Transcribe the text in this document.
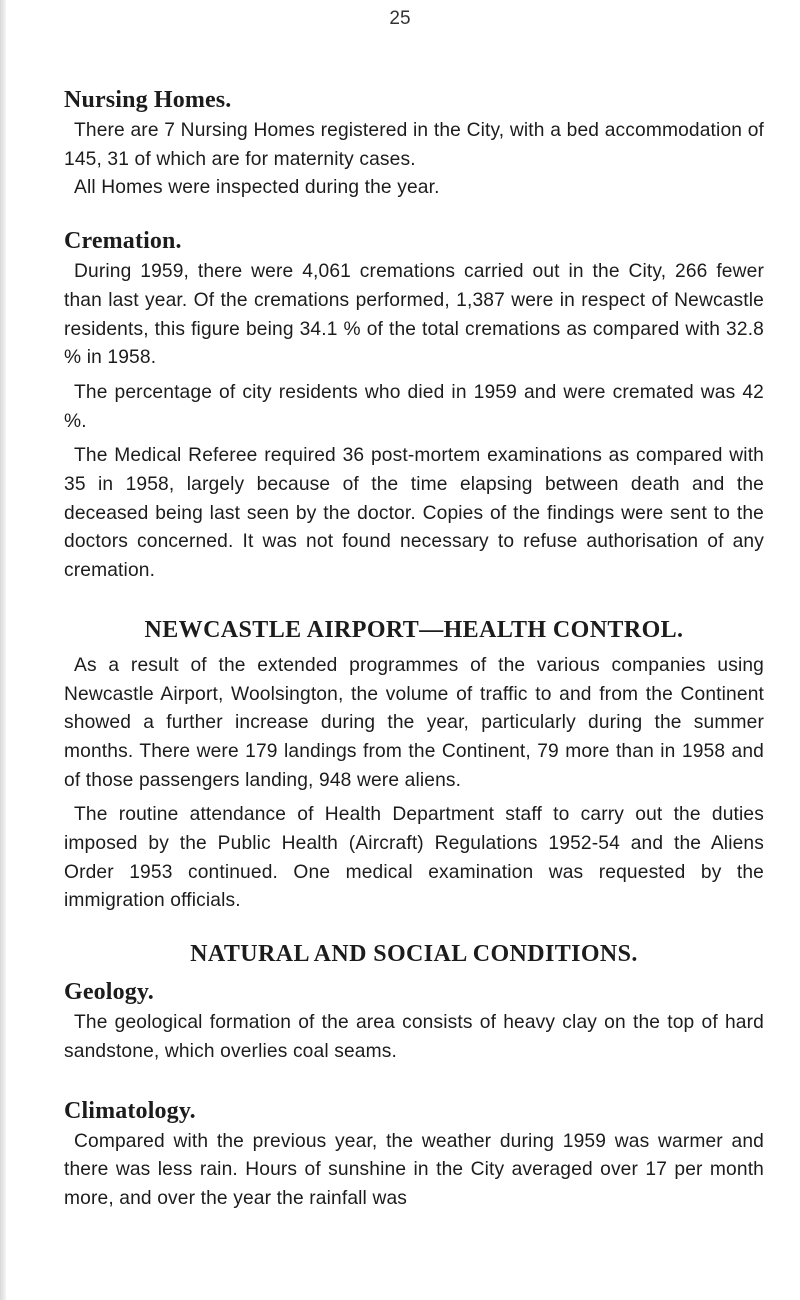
25
Nursing Homes.

There are 7 Nursing Homes registered in the City, with a bed accommodation of 145, 31 of which are for maternity cases.

All Homes were inspected during the year.

Cremation.

During 1959, there were 4,061 cremations carried out in the City, 266 fewer than last year. Of the cremations performed, 1,387 were in respect of Newcastle residents, this figure being 34.1 % of the total cremations as compared with 32.8 % in 1958.

The percentage of city residents who died in 1959 and were cremated was 42 %.

The Medical Referee required 36 post-mortem examinations as compared with 35 in 1958, largely because of the time elapsing between death and the deceased being last seen by the doctor. Copies of the findings were sent to the doctors concerned. It was not found necessary to refuse authorisation of any cremation.

NEWCASTLE AIRPORT—HEALTH CONTROL.

As a result of the extended programmes of the various companies using Newcastle Airport, Woolsington, the volume of traffic to and from the Continent showed a further increase during the year, particularly during the summer months. There were 179 landings from the Continent, 79 more than in 1958 and of those passengers landing, 948 were aliens.

The routine attendance of Health Department staff to carry out the duties imposed by the Public Health (Aircraft) Regulations 1952-54 and the Aliens Order 1953 continued. One medical examination was requested by the immigration officials.

NATURAL AND SOCIAL CONDITIONS.
Geology.

The geological formation of the area consists of heavy clay on the top of hard sandstone, which overlies coal seams.

Climatology.

Compared with the previous year, the weather during 1959 was warmer and there was less rain. Hours of sunshine in the City averaged over 17 per month more, and over the year the rainfall was
